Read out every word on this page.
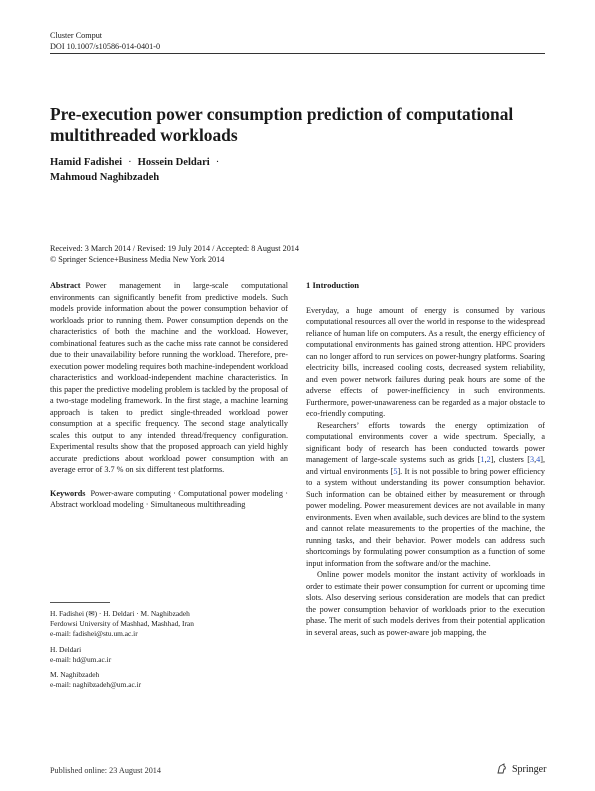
Cluster Comput
DOI 10.1007/s10586-014-0401-0
Pre-execution power consumption prediction of computational
multithreaded workloads
Hamid Fadishei · Hossein Deldari ·
Mahmoud Naghibzadeh
Received: 3 March 2014 / Revised: 19 July 2014 / Accepted: 8 August 2014
© Springer Science+Business Media New York 2014

Abstract Power management in large-scale computational environments can significantly benefit from predictive models. Such models provide information about the power consumption behavior of workloads prior to running them. Power consumption depends on the characteristics of both the machine and the workload. However, combinational features such as the cache miss rate cannot be considered due to their unavailability before running the workload. Therefore, pre-execution power modeling requires both machine-independent workload characteristics and workload-independent machine characteristics. In this paper the predictive modeling problem is tackled by the proposal of a two-stage modeling framework. In the first stage, a machine learning approach is taken to predict single-threaded workload power consumption at a specific frequency. The second stage analytically scales this output to any intended thread/frequency configuration. Experimental results show that the proposed approach can yield highly accurate predictions about workload power consumption with an average error of 3.7 % on six different test platforms.

Keywords Power-aware computing · Computational power modeling · Abstract workload modeling · Simultaneous multithreading

H. Fadishei (✉) · H. Deldari · M. Naghibzadeh
Ferdowsi University of Mashhad, Mashhad, Iran
e-mail: fadishei@stu.um.ac.ir
H. Deldari
e-mail: hd@um.ac.ir
M. Naghibzadeh
e-mail: naghibzadeh@um.ac.ir
1 Introduction

Everyday, a huge amount of energy is consumed by various computational resources all over the world in response to the widespread reliance of human life on computers. As a result, the energy efficiency of computational environments has gained strong attention. HPC providers can no longer afford to run services on power-hungry platforms. Soaring electricity bills, increased cooling costs, decreased system reliability, and even power network failures during peak hours are some of the adverse effects of power-inefficiency in such environments. Furthermore, power-unawareness can be regarded as a major obstacle to eco-friendly computing.

Researchers’ efforts towards the energy optimization of computational environments cover a wide spectrum. Specially, a significant body of research has been conducted towards power management of large-scale systems such as grids [1,2], clusters [3,4], and virtual environments [5]. It is not possible to bring power efficiency to a system without understanding its power consumption behavior. Such information can be obtained either by measurement or through power modeling. Power measurement devices are not available in many environments. Even when available, such devices are blind to the system and cannot relate measurements to the properties of the machine, the running tasks, and their behavior. Power models can address such shortcomings by formulating power consumption as a function of some input information from the software and/or the machine.

Online power models monitor the instant activity of workloads in order to estimate their power consumption for current or upcoming time slots. Also deserving serious consideration are models that can predict the power consumption behavior of workloads prior to the execution phase. The merit of such models derives from their potential application in several areas, such as power-aware job mapping, the

Published online: 23 August 2014	Springer
